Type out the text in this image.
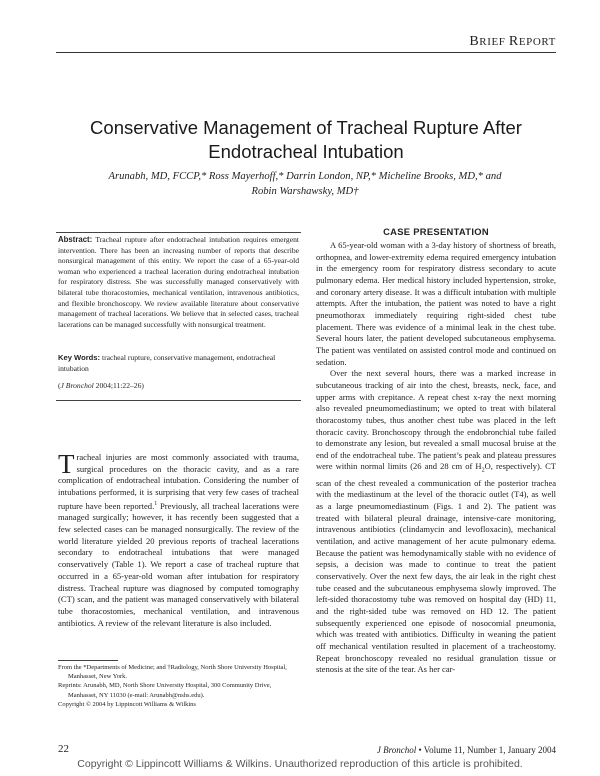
BRIEF REPORT
Conservative Management of Tracheal Rupture After
Endotracheal Intubation
Arunabh, MD, FCCP,* Ross Mayerhoff,* Darrin London, NP,* Micheline Brooks, MD,* and
Robin Warshawsky, MD†
Abstract: Tracheal rupture after endotracheal intubation requires emergent intervention. There has been an increasing number of reports that describe nonsurgical management of this entity. We report the case of a 65-year-old woman who experienced a tracheal laceration during endotracheal intubation for respiratory distress. She was successfully managed conservatively with bilateral tube thoracostomies, mechanical ventilation, intravenous antibiotics, and flexible bronchoscopy. We review available literature about conservative management of tracheal lacerations. We believe that in selected cases, tracheal lacerations can be managed successfully with nonsurgical treatment.
Key Words: tracheal rupture, conservative management, endotracheal intubation
(J Bronchol 2004;11:22–26)
Tracheal injuries are most commonly associated with trauma, surgical procedures on the thoracic cavity, and as a rare complication of endotracheal intubation. Considering the number of intubations performed, it is surprising that very few cases of tracheal rupture have been reported.$^1$ Previously, all tracheal lacerations were managed surgically; however, it has recently been suggested that a few selected cases can be managed nonsurgically. The review of the world literature yielded 20 previous reports of tracheal lacerations secondary to endotracheal intubations that were managed conservatively (Table 1). We report a case of tracheal rupture that occurred in a 65-year-old woman after intubation for respiratory distress. Tracheal rupture was diagnosed by computed tomography (CT) scan, and the patient was managed conservatively with bilateral tube thoracostomies, mechanical ventilation, and intravenous antibiotics. A review of the relevant literature is also included.
From the *Departments of Medicine; and †Radiology, North Shore University Hospital, Manhasset, New York.
Reprints: Arunabh, MD, North Shore University Hospital, 300 Community Drive, Manhasset, NY 11030 (e-mail: Arunabh@nshs.edu).
Copyright © 2004 by Lippincott Williams & Wilkins
CASE PRESENTATION

A 65-year-old woman with a 3-day history of shortness of breath, orthopnea, and lower-extremity edema required emergency intubation in the emergency room for respiratory distress secondary to acute pulmonary edema. Her medical history included hypertension, stroke, and coronary artery disease. It was a difficult intubation with multiple attempts. After the intubation, the patient was noted to have a right pneumothorax immediately requiring right-sided chest tube placement. There was evidence of a minimal leak in the chest tube. Several hours later, the patient developed subcutaneous emphysema. The patient was ventilated on assisted control mode and continued on sedation.

Over the next several hours, there was a marked increase in subcutaneous tracking of air into the chest, breasts, neck, face, and upper arms with crepitance. A repeat chest x-ray the next morning also revealed pneumomediastinum; we opted to treat with bilateral thoracostomy tubes, thus another chest tube was placed in the left thoracic cavity. Bronchoscopy through the endobronchial tube failed to demonstrate any lesion, but revealed a small mucosal bruise at the end of the endotracheal tube. The patient’s peak and plateau pressures were within normal limits (26 and 28 cm of $H_2O$, respectively). CT scan of the chest revealed a communication of the posterior trachea with the mediastinum at the level of the thoracic outlet (T4), as well as a large pneumomediastinum (Figs. 1 and 2). The patient was treated with bilateral pleural drainage, intensive-care monitoring, intravenous antibiotics (clindamycin and levofloxacin), mechanical ventilation, and active management of her acute pulmonary edema. Because the patient was hemodynamically stable with no evidence of sepsis, a decision was made to continue to treat the patient conservatively. Over the next few days, the air leak in the right chest tube ceased and the subcutaneous emphysema slowly improved. The left-sided thoracostomy tube was removed on hospital day (HD) 11, and the right-sided tube was removed on HD 12. The patient subsequently experienced one episode of nosocomial pneumonia, which was treated with antibiotics. Difficulty in weaning the patient off mechanical ventilation resulted in placement of a tracheostomy. Repeat bronchoscopy revealed no residual granulation tissue or stenosis at the site of the tear. As her car-

22	J Bronchol • Volume 11, Number 1, January 2004
Copyright © Lippincott Williams & Wilkins. Unauthorized reproduction of this article is prohibited.
